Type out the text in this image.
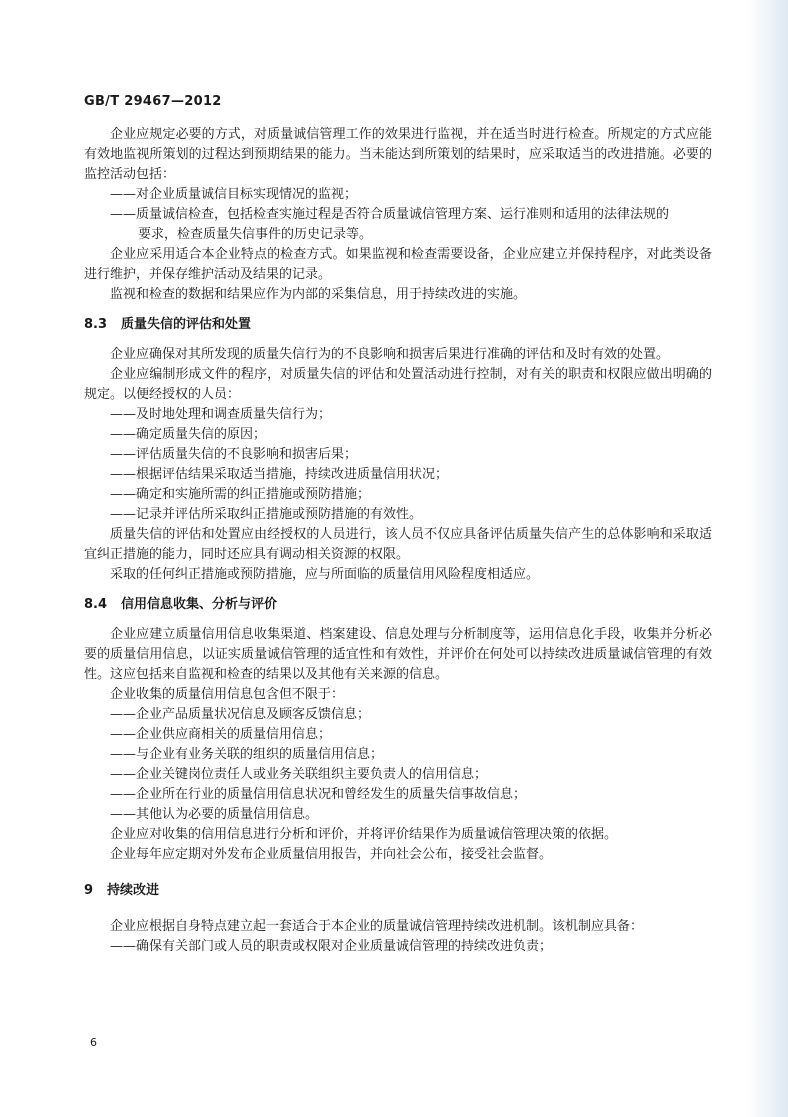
GB/T 29467—2012

企业应规定必要的方式，对质量诚信管理工作的效果进行监视，并在适当时进行检查。所规定的方式应能有效地监视所策划的过程达到预期结果的能力。当未能达到所策划的结果时，应采取适当的改进措施。必要的监控活动包括：

——对企业质量诚信目标实现情况的监视；

——质量诚信检查，包括检查实施过程是否符合质量诚信管理方案、运行准则和适用的法律法规的
要求，检查质量失信事件的历史记录等。

企业应采用适合本企业特点的检查方式。如果监视和检查需要设备，企业应建立并保持程序，对此类设备进行维护，并保存维护活动及结果的记录。

监视和检查的数据和结果应作为内部的采集信息，用于持续改进的实施。

8.3 质量失信的评估和处置

企业应确保对其所发现的质量失信行为的不良影响和损害后果进行准确的评估和及时有效的处置。

企业应编制形成文件的程序，对质量失信的评估和处置活动进行控制，对有关的职责和权限应做出明确的规定。以便经授权的人员：

——及时地处理和调查质量失信行为；

——确定质量失信的原因；

——评估质量失信的不良影响和损害后果；

——根据评估结果采取适当措施，持续改进质量信用状况；

——确定和实施所需的纠正措施或预防措施；

——记录并评估所采取纠正措施或预防措施的有效性。

质量失信的评估和处置应由经授权的人员进行，该人员不仅应具备评估质量失信产生的总体影响和采取适宜纠正措施的能力，同时还应具有调动相关资源的权限。

采取的任何纠正措施或预防措施，应与所面临的质量信用风险程度相适应。

8.4 信用信息收集、分析与评价

企业应建立质量信用信息收集渠道、档案建设、信息处理与分析制度等，运用信息化手段，收集并分析必要的质量信用信息，以证实质量诚信管理的适宜性和有效性，并评价在何处可以持续改进质量诚信管理的有效性。这应包括来自监视和检查的结果以及其他有关来源的信息。

企业收集的质量信用信息包含但不限于：

——企业产品质量状况信息及顾客反馈信息；

——企业供应商相关的质量信用信息；

——与企业有业务关联的组织的质量信用信息；

——企业关键岗位责任人或业务关联组织主要负责人的信用信息；

——企业所在行业的质量信用信息状况和曾经发生的质量失信事故信息；

——其他认为必要的质量信用信息。

企业应对收集的信用信息进行分析和评价，并将评价结果作为质量诚信管理决策的依据。

企业每年应定期对外发布企业质量信用报告，并向社会公布，接受社会监督。

9 持续改进

企业应根据自身特点建立起一套适合于本企业的质量诚信管理持续改进机制。该机制应具备：

——确保有关部门或人员的职责或权限对企业质量诚信管理的持续改进负责；

6
